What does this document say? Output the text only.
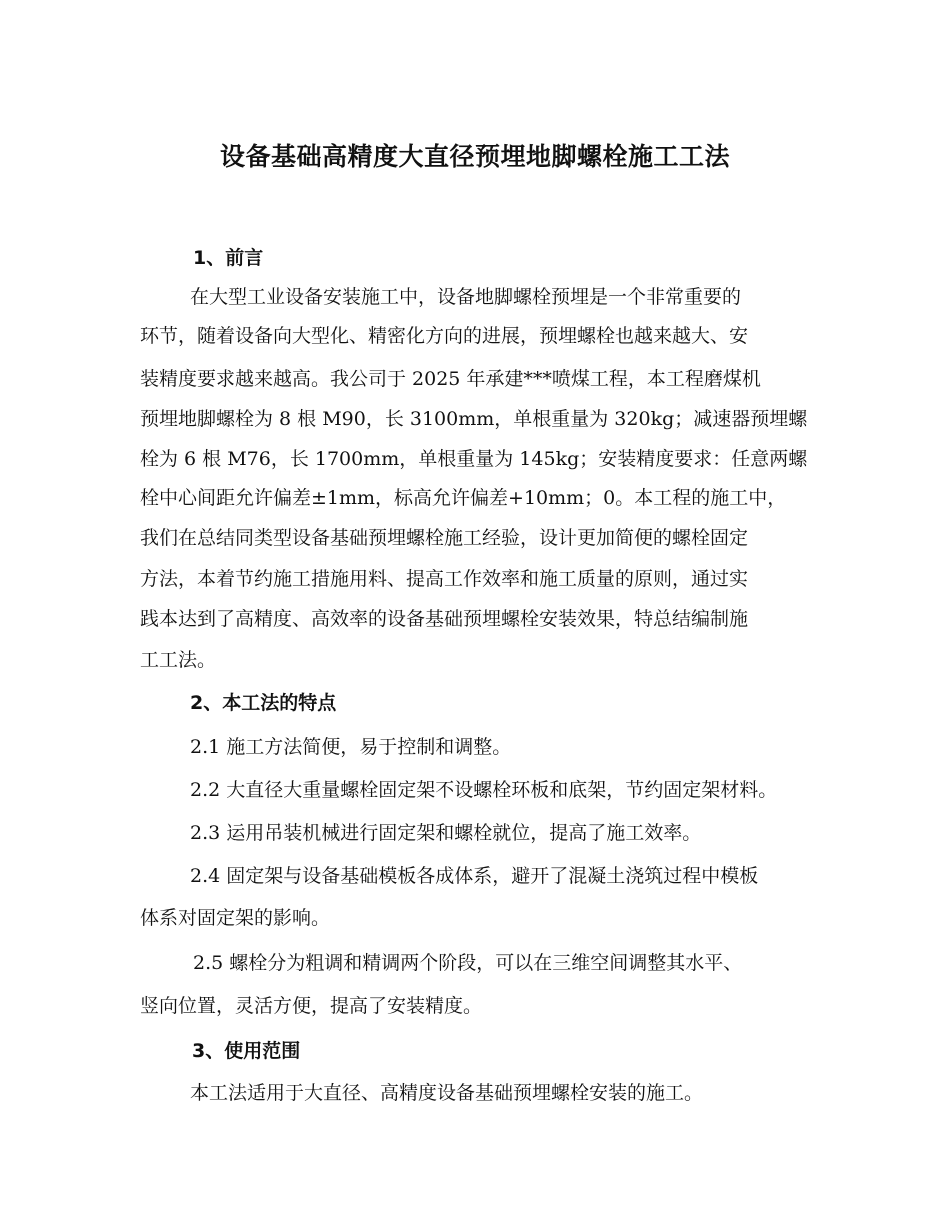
设备基础高精度大直径预埋地脚螺栓施工工法
1、前言

在大型工业设备安装施工中，设备地脚螺栓预埋是一个非常重要的

环节，随着设备向大型化、精密化方向的进展，预埋螺栓也越来越大、安

装精度要求越来越高。我公司于 2025 年承建***喷煤工程，本工程磨煤机

预埋地脚螺栓为 8 根 M90，长 3100mm，单根重量为 320kg；减速器预埋螺

栓为 6 根 M76，长 1700mm，单根重量为 145kg；安装精度要求：任意两螺

栓中心间距允许偏差±1mm，标高允许偏差+10mm；0。本工程的施工中，

我们在总结同类型设备基础预埋螺栓施工经验，设计更加简便的螺栓固定

方法，本着节约施工措施用料、提高工作效率和施工质量的原则，通过实

践本达到了高精度、高效率的设备基础预埋螺栓安装效果，特总结编制施

工工法。

2、本工法的特点

2.1 施工方法简便，易于控制和调整。

2.2 大直径大重量螺栓固定架不设螺栓环板和底架，节约固定架材料。

2.3 运用吊装机械进行固定架和螺栓就位，提高了施工效率。

2.4 固定架与设备基础模板各成体系，避开了混凝土浇筑过程中模板

体系对固定架的影响。

2.5 螺栓分为粗调和精调两个阶段，可以在三维空间调整其水平、

竖向位置，灵活方便，提高了安装精度。

3、使用范围

本工法适用于大直径、高精度设备基础预埋螺栓安装的施工。
